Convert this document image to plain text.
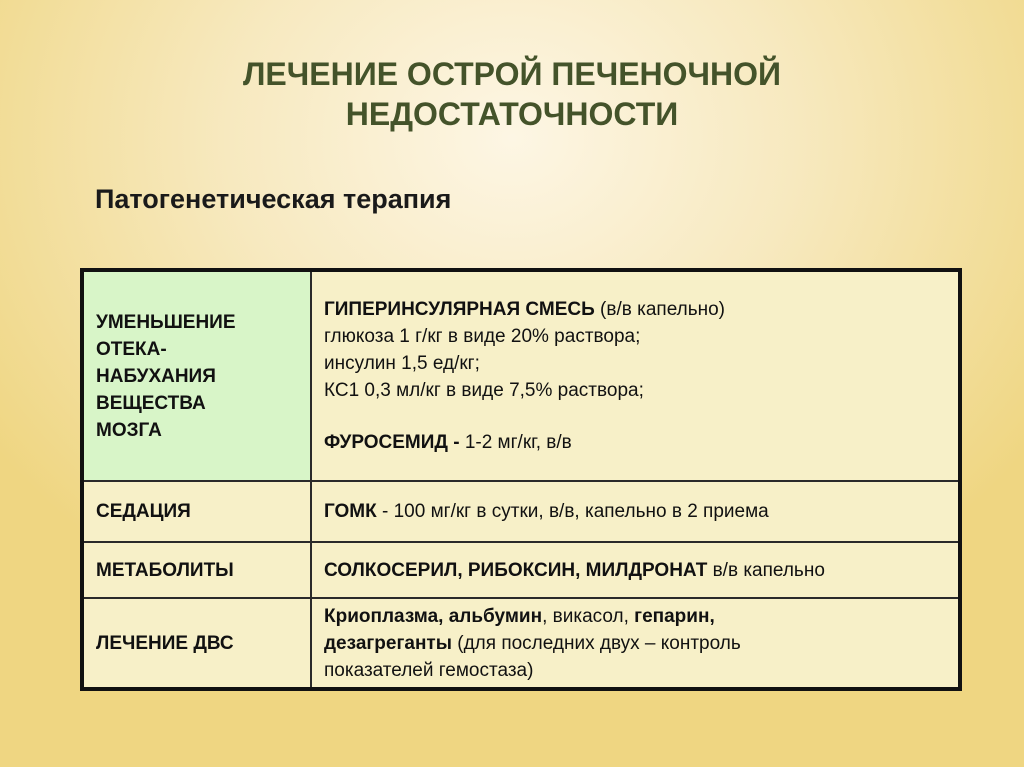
ЛЕЧЕНИЕ ОСТРОЙ ПЕЧЕНОЧНОЙ
НЕДОСТАТОЧНОСТИ
Патогенетическая терапия
УМЕНЬШЕНИЕ
ОТЕКА-
НАБУХАНИЯ
ВЕЩЕСТВА
МОЗГА	ГИПЕРИНСУЛЯРНАЯ СМЕСЬ (в/в капельно)
глюкоза 1 г/кг в виде 20% раствора;
инсулин 1,5 ед/кг;
КС1 0,3 мл/кг в виде 7,5% раствора;
ФУРОСЕМИД - 1-2 мг/кг, в/в

СЕДАЦИЯ	ГОМК - 100 мг/кг в сутки, в/в, капельно в 2 приема
МЕТАБОЛИТЫ	СОЛКОСЕРИЛ, РИБОКСИН, МИЛДРОНАТ в/в капельно
ЛЕЧЕНИЕ ДВС	Криоплазма, альбумин, викасол, гепарин,
дезагреганты (для последних двух – контроль
показателей гемостаза)
